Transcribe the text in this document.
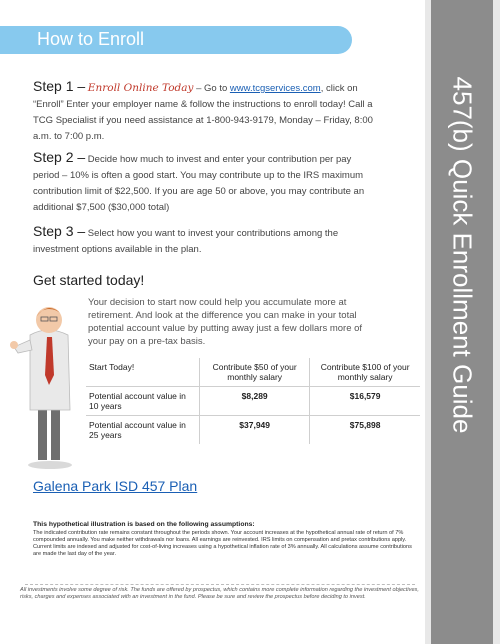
How to Enroll
457(b) Quick Enrollment Guide
Step 1 – Enroll Online Today – Go to www.tcgservices.com, click on “Enroll” Enter your employer name & follow the instructions to enroll today! Call a TCG Specialist if you need assistance at 1-800-943-9179, Monday – Friday, 8:00 a.m. to 7:00 p.m.
Step 2 – Decide how much to invest and enter your contribution per pay period – 10% is often a good start. You may contribute up to the IRS maximum contribution limit of $22,500. If you are age 50 or above, you may contribute an additional $7,500 ($30,000 total)
Step 3 – Select how you want to invest your contributions among the investment options available in the plan.
Get started today!
Your decision to start now could help you accumulate more at retirement. And look at the difference you can make in your total potential account value by putting away just a few dollars more of your pay on a pre-tax basis.
Start Today!	Contribute $50 of your monthly salary	Contribute $100 of your monthly salary
Potential account value in 10 years	$8,289	$16,579
Potential account value in 25 years	$37,949	$75,898
Galena Park ISD 457 Plan
This hypothetical illustration is based on the following assumptions:
The indicated contribution rate remains constant throughout the periods shown. Your account increases at the hypothetical annual rate of return of 7% compounded annually. You make neither withdrawals nor loans. All earnings are reinvested. IRS limits on compensation and pretax contributions apply. Current limits are indexed and adjusted for cost-of-living increases using a hypothetical inflation rate of 3% annually. All calculations assume contributions are made the last day of the year.
All investments involve some degree of risk. The funds are offered by prospectus, which contains more complete information regarding the investment objectives, risks, charges and expenses associated with an investment in the fund. Please be sure and review the prospectus before deciding to invest.
